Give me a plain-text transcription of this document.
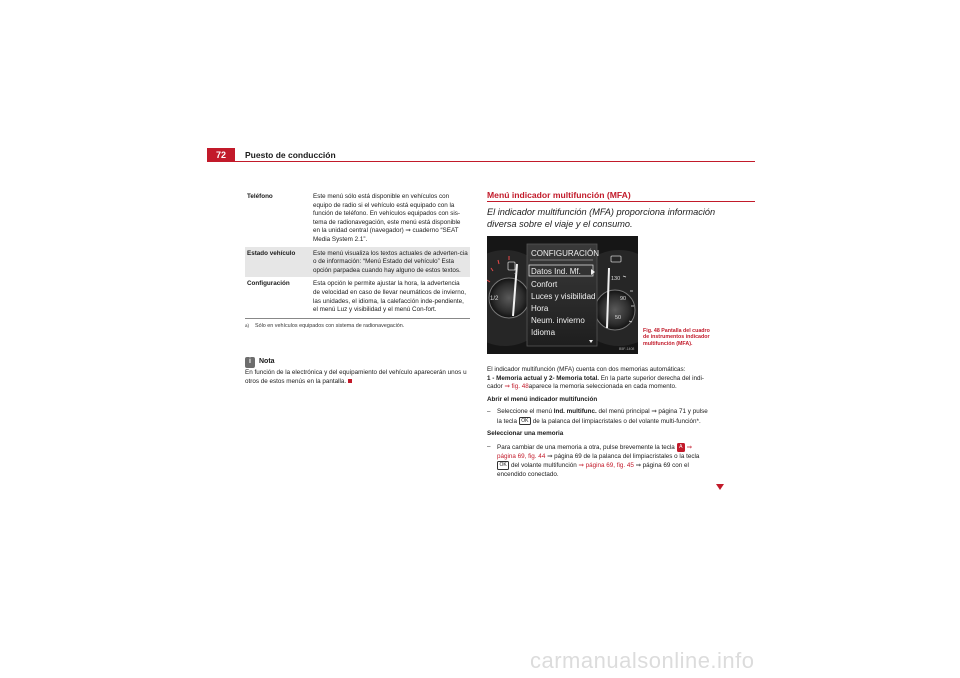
72	Puesto de conducción
Teléfono	Este menú sólo está disponible en vehículos con equipo de radio si el vehículo está equipado con la función de teléfono. En vehículos equipados con sis-tema de radionavegación, este menú está disponible en la unidad central (navegador) ⇒ cuaderno “SEAT Media System 2.1”.
Estado vehículo	Este menú visualiza los textos actuales de adverten-cia o de información: “Menú Estado del vehículo” Esta opción parpadea cuando hay alguno de estos textos.
Configuración	Esta opción le permite ajustar la hora, la advertencia de velocidad en caso de llevar neumáticos de invierno, las unidades, el idioma, la calefacción inde-pendiente, el menú Luz y visibilidad y el menú Con-fort.
a) Sólo en vehículos equipados con sistema de radionavegación.
i	Nota
En función de la electrónica y del equipamiento del vehículo aparecerán unos u otros de estos menús en la pantalla.
Menú indicador multifunción (MFA)
El indicador multifunción (MFA) proporciona información diversa sobre el viaje y el consumo.
1
1/2
130
90
50
CONFIGURACIÓN
Datos Ind. Mf.
Confort
Luces y visibilidad
Hora
Neum. invierno
Idioma
B5F-1408
Fig. 48 Pantalla del cuadro de instrumentos indicador multifunción (MFA).

El indicador multifunción (MFA) cuenta con dos memorias automáticas:
1 - Memoria actual y 2- Memoria total. En la parte superior derecha del indi-cador ⇒ fig. 48aparece la memoria seleccionada en cada momento.

Abrir el menú indicador multifunción

–	Seleccione el menú Ind. multifunc. del menú principal ⇒ página 71 y pulse la tecla OK de la palanca del limpiacristales o del volante multi-función*.

Seleccionar una memoria

–	Para cambiar de una memoria a otra, pulse brevemente la tecla A ⇒ página 69, fig. 44 ⇒ página 69 de la palanca del limpiacristales o la tecla OK del volante multifunción ⇒ página 69, fig. 45 ⇒ página 69 con el encendido conectado.
carmanualsonline.info
